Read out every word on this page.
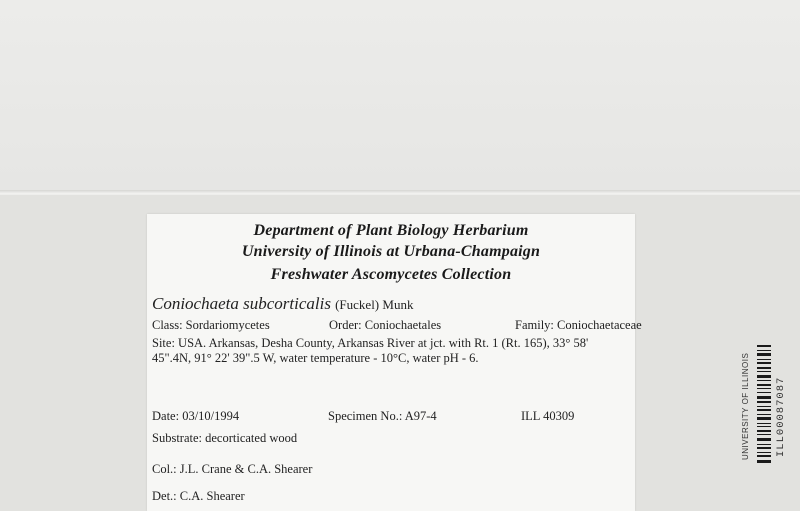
Department of Plant Biology Herbarium
University of Illinois at Urbana-Champaign
Freshwater Ascomycetes Collection
Coniochaeta subcorticalis (Fuckel) Munk
Class: Sordariomycetes	Order: Coniochaetales	Family: Coniochaetaceae
Site: USA. Arkansas, Desha County, Arkansas River at jct. with Rt. 1 (Rt. 165), 33° 58'
45".4N, 91° 22' 39".5 W, water temperature - 10°C, water pH - 6.
Date: 03/10/1994	Specimen No.: A97-4	ILL 40309
Substrate: decorticated wood
Col.: J.L. Crane & C.A. Shearer
Det.: C.A. Shearer
UNIVERSITY OF ILLINOIS ILL00087087
